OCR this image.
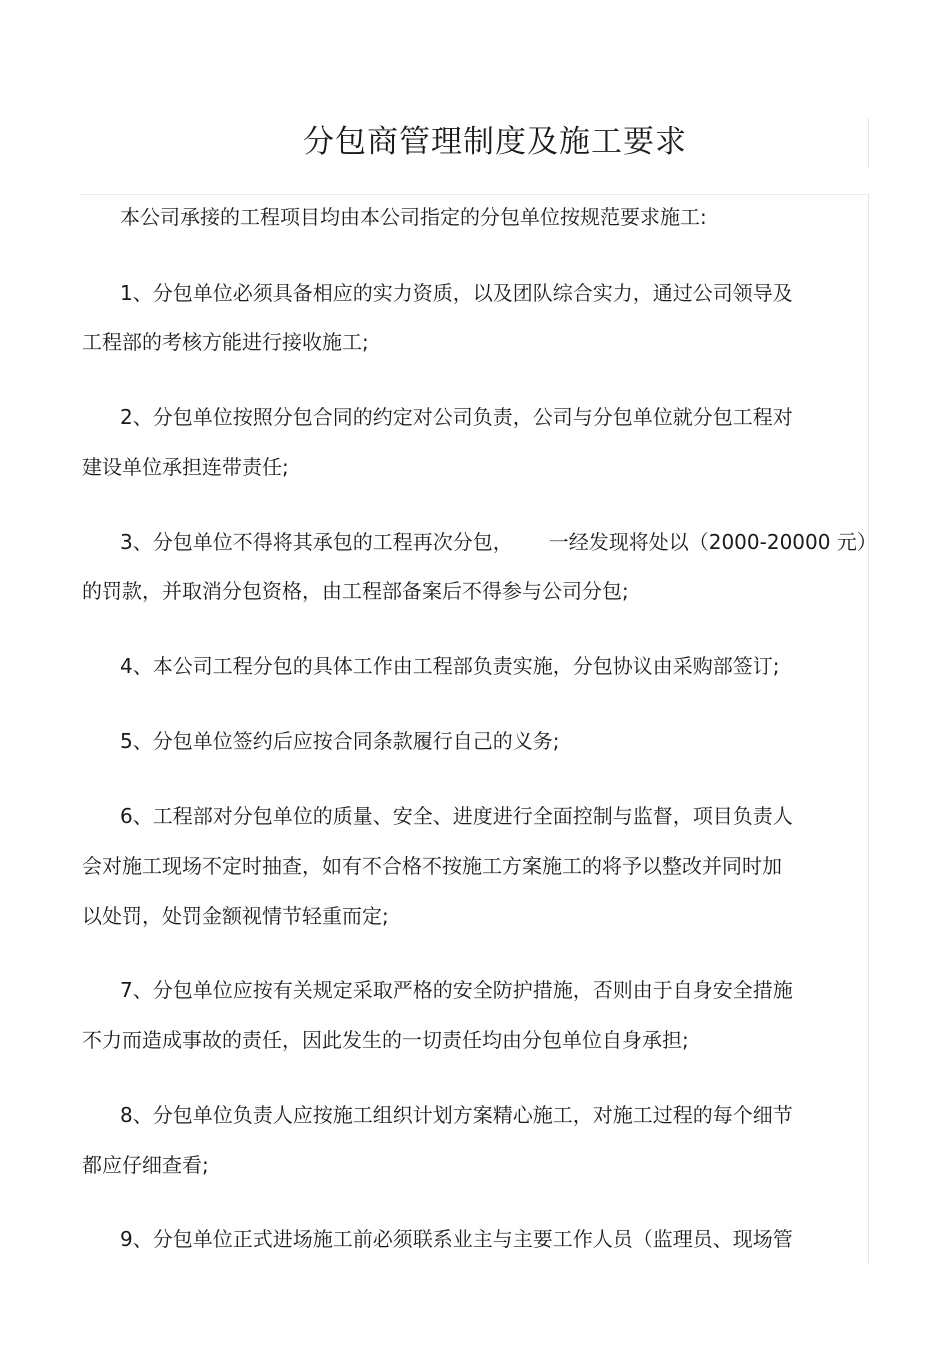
分包商管理制度及施工要求

本公司承接的工程项目均由本公司指定的分包单位按规范要求施工:

1、分包单位必须具备相应的实力资质，以及团队综合实力，通过公司领导及

工程部的考核方能进行接收施工;

2、分包单位按照分包合同的约定对公司负责，公司与分包单位就分包工程对

建设单位承担连带责任;

3、分包单位不得将其承包的工程再次分包， 一经发现将处以（2000-20000 元）

的罚款，并取消分包资格，由工程部备案后不得参与公司分包;

4、本公司工程分包的具体工作由工程部负责实施，分包协议由采购部签订;

5、分包单位签约后应按合同条款履行自己的义务;

6、工程部对分包单位的质量、安全、进度进行全面控制与监督，项目负责人

会对施工现场不定时抽查，如有不合格不按施工方案施工的将予以整改并同时加

以处罚，处罚金额视情节轻重而定;

7、分包单位应按有关规定采取严格的安全防护措施，否则由于自身安全措施

不力而造成事故的责任，因此发生的一切责任均由分包单位自身承担;

8、分包单位负责人应按施工组织计划方案精心施工，对施工过程的每个细节

都应仔细查看;

9、分包单位正式进场施工前必须联系业主与主要工作人员（监理员、现场管
